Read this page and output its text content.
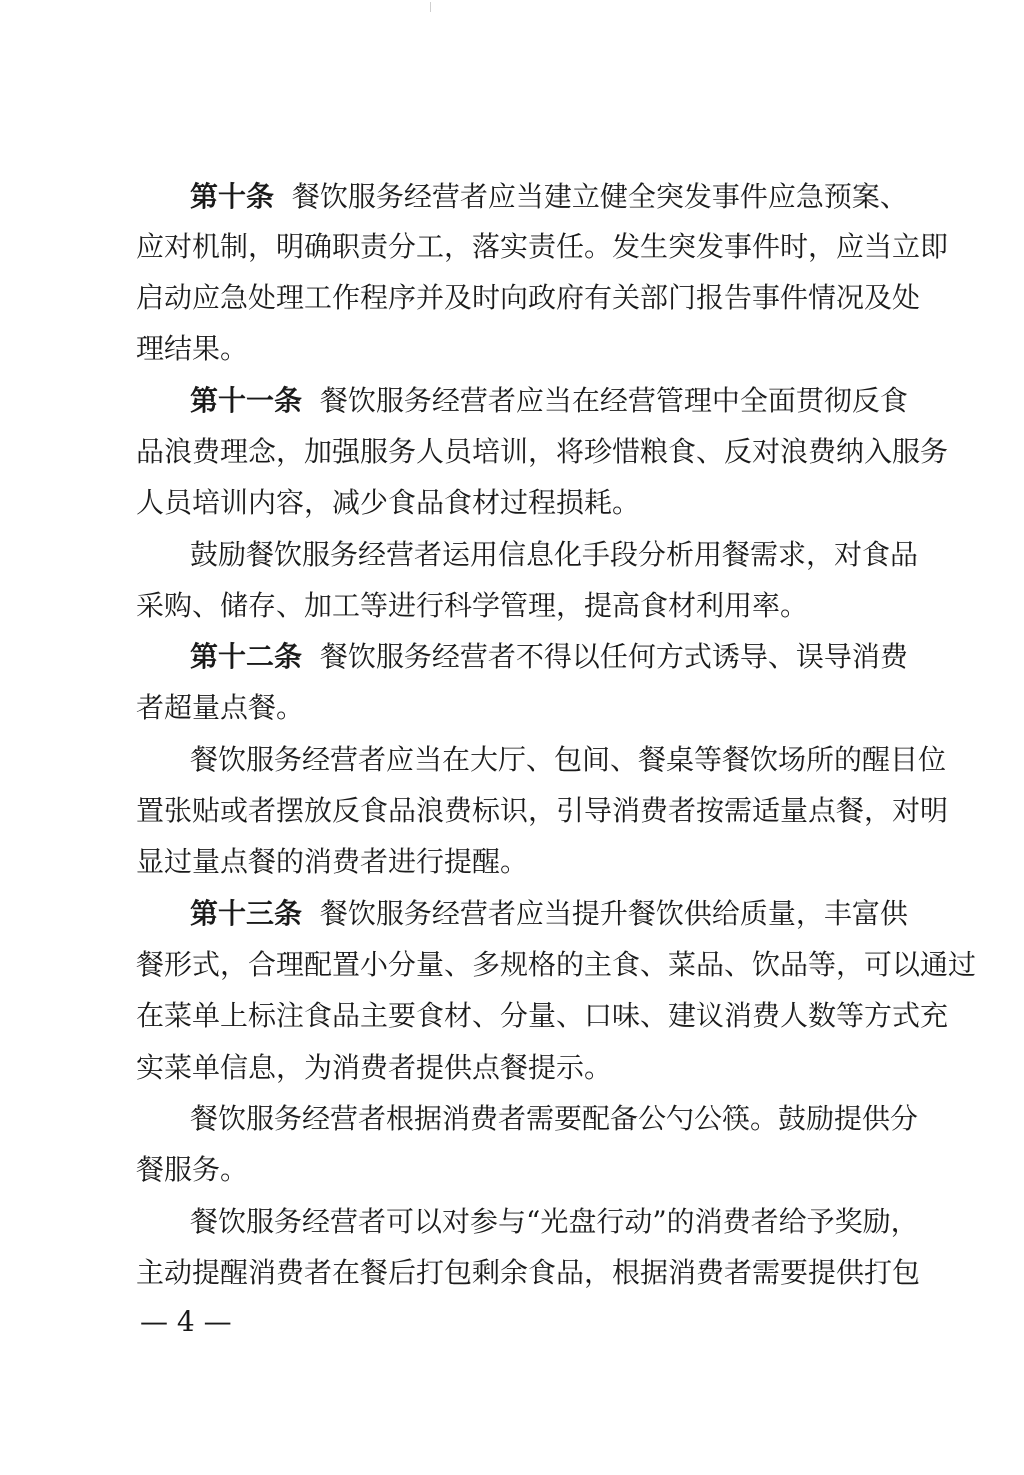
第十条 餐饮服务经营者应当建立健全突发事件应急预案、
应对机制，明确职责分工，落实责任。发生突发事件时，应当立即
启动应急处理工作程序并及时向政府有关部门报告事件情况及处
理结果。
第十一条 餐饮服务经营者应当在经营管理中全面贯彻反食
品浪费理念，加强服务人员培训，将珍惜粮食、反对浪费纳入服务
人员培训内容，减少食品食材过程损耗。
鼓励餐饮服务经营者运用信息化手段分析用餐需求，对食品
采购、储存、加工等进行科学管理，提高食材利用率。
第十二条 餐饮服务经营者不得以任何方式诱导、误导消费
者超量点餐。
餐饮服务经营者应当在大厅、包间、餐桌等餐饮场所的醒目位
置张贴或者摆放反食品浪费标识，引导消费者按需适量点餐，对明
显过量点餐的消费者进行提醒。
第十三条 餐饮服务经营者应当提升餐饮供给质量，丰富供
餐形式，合理配置小分量、多规格的主食、菜品、饮品等，可以通过
在菜单上标注食品主要食材、分量、口味、建议消费人数等方式充
实菜单信息，为消费者提供点餐提示。
餐饮服务经营者根据消费者需要配备公勺公筷。鼓励提供分
餐服务。
餐饮服务经营者可以对参与“光盘行动”的消费者给予奖励，
主动提醒消费者在餐后打包剩余食品，根据消费者需要提供打包
— 4 —
